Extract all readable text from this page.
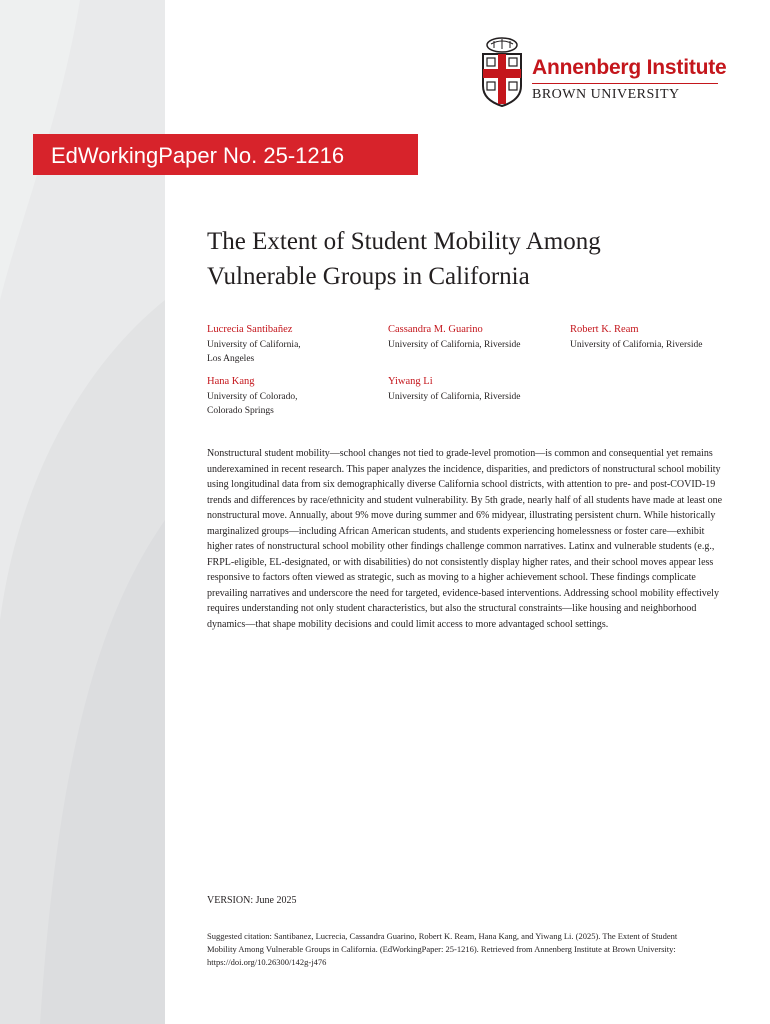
Annenberg Institute
BROWN UNIVERSITY
EdWorkingPaper No. 25-1216
The Extent of Student Mobility Among
Vulnerable Groups in California
Lucrecia Santibañez
University of California,
Los Angeles
Cassandra M. Guarino
University of California, Riverside
Robert K. Ream
University of California, Riverside
Hana Kang
University of Colorado,
Colorado Springs
Yiwang Li
University of California, Riverside
Nonstructural student mobility—school changes not tied to grade-level promotion—is common and consequential yet remains underexamined in recent research. This paper analyzes the incidence, disparities, and predictors of nonstructural school mobility using longitudinal data from six demographically diverse California school districts, with attention to pre- and post-COVID-19 trends and differences by race/ethnicity and student vulnerability. By 5th grade, nearly half of all students have made at least one nonstructural move. Annually, about 9% move during summer and 6% midyear, illustrating persistent churn. While historically marginalized groups—including African American students, and students experiencing homelessness or foster care—exhibit higher rates of nonstructural school mobility other findings challenge common narratives. Latinx and vulnerable students (e.g., FRPL-eligible, EL-designated, or with disabilities) do not consistently display higher rates, and their school moves appear less responsive to factors often viewed as strategic, such as moving to a higher achievement school. These findings complicate prevailing narratives and underscore the need for targeted, evidence-based interventions. Addressing school mobility effectively requires understanding not only student characteristics, but also the structural constraints—like housing and neighborhood dynamics—that shape mobility decisions and could limit access to more advantaged school settings.
VERSION: June 2025
Suggested citation: Santibanez, Lucrecia, Cassandra Guarino, Robert K. Ream, Hana Kang, and Yiwang Li. (2025). The Extent of Student Mobility Among Vulnerable Groups in California. (EdWorkingPaper: 25-1216). Retrieved from Annenberg Institute at Brown University: https://doi.org/10.26300/142g-j476
